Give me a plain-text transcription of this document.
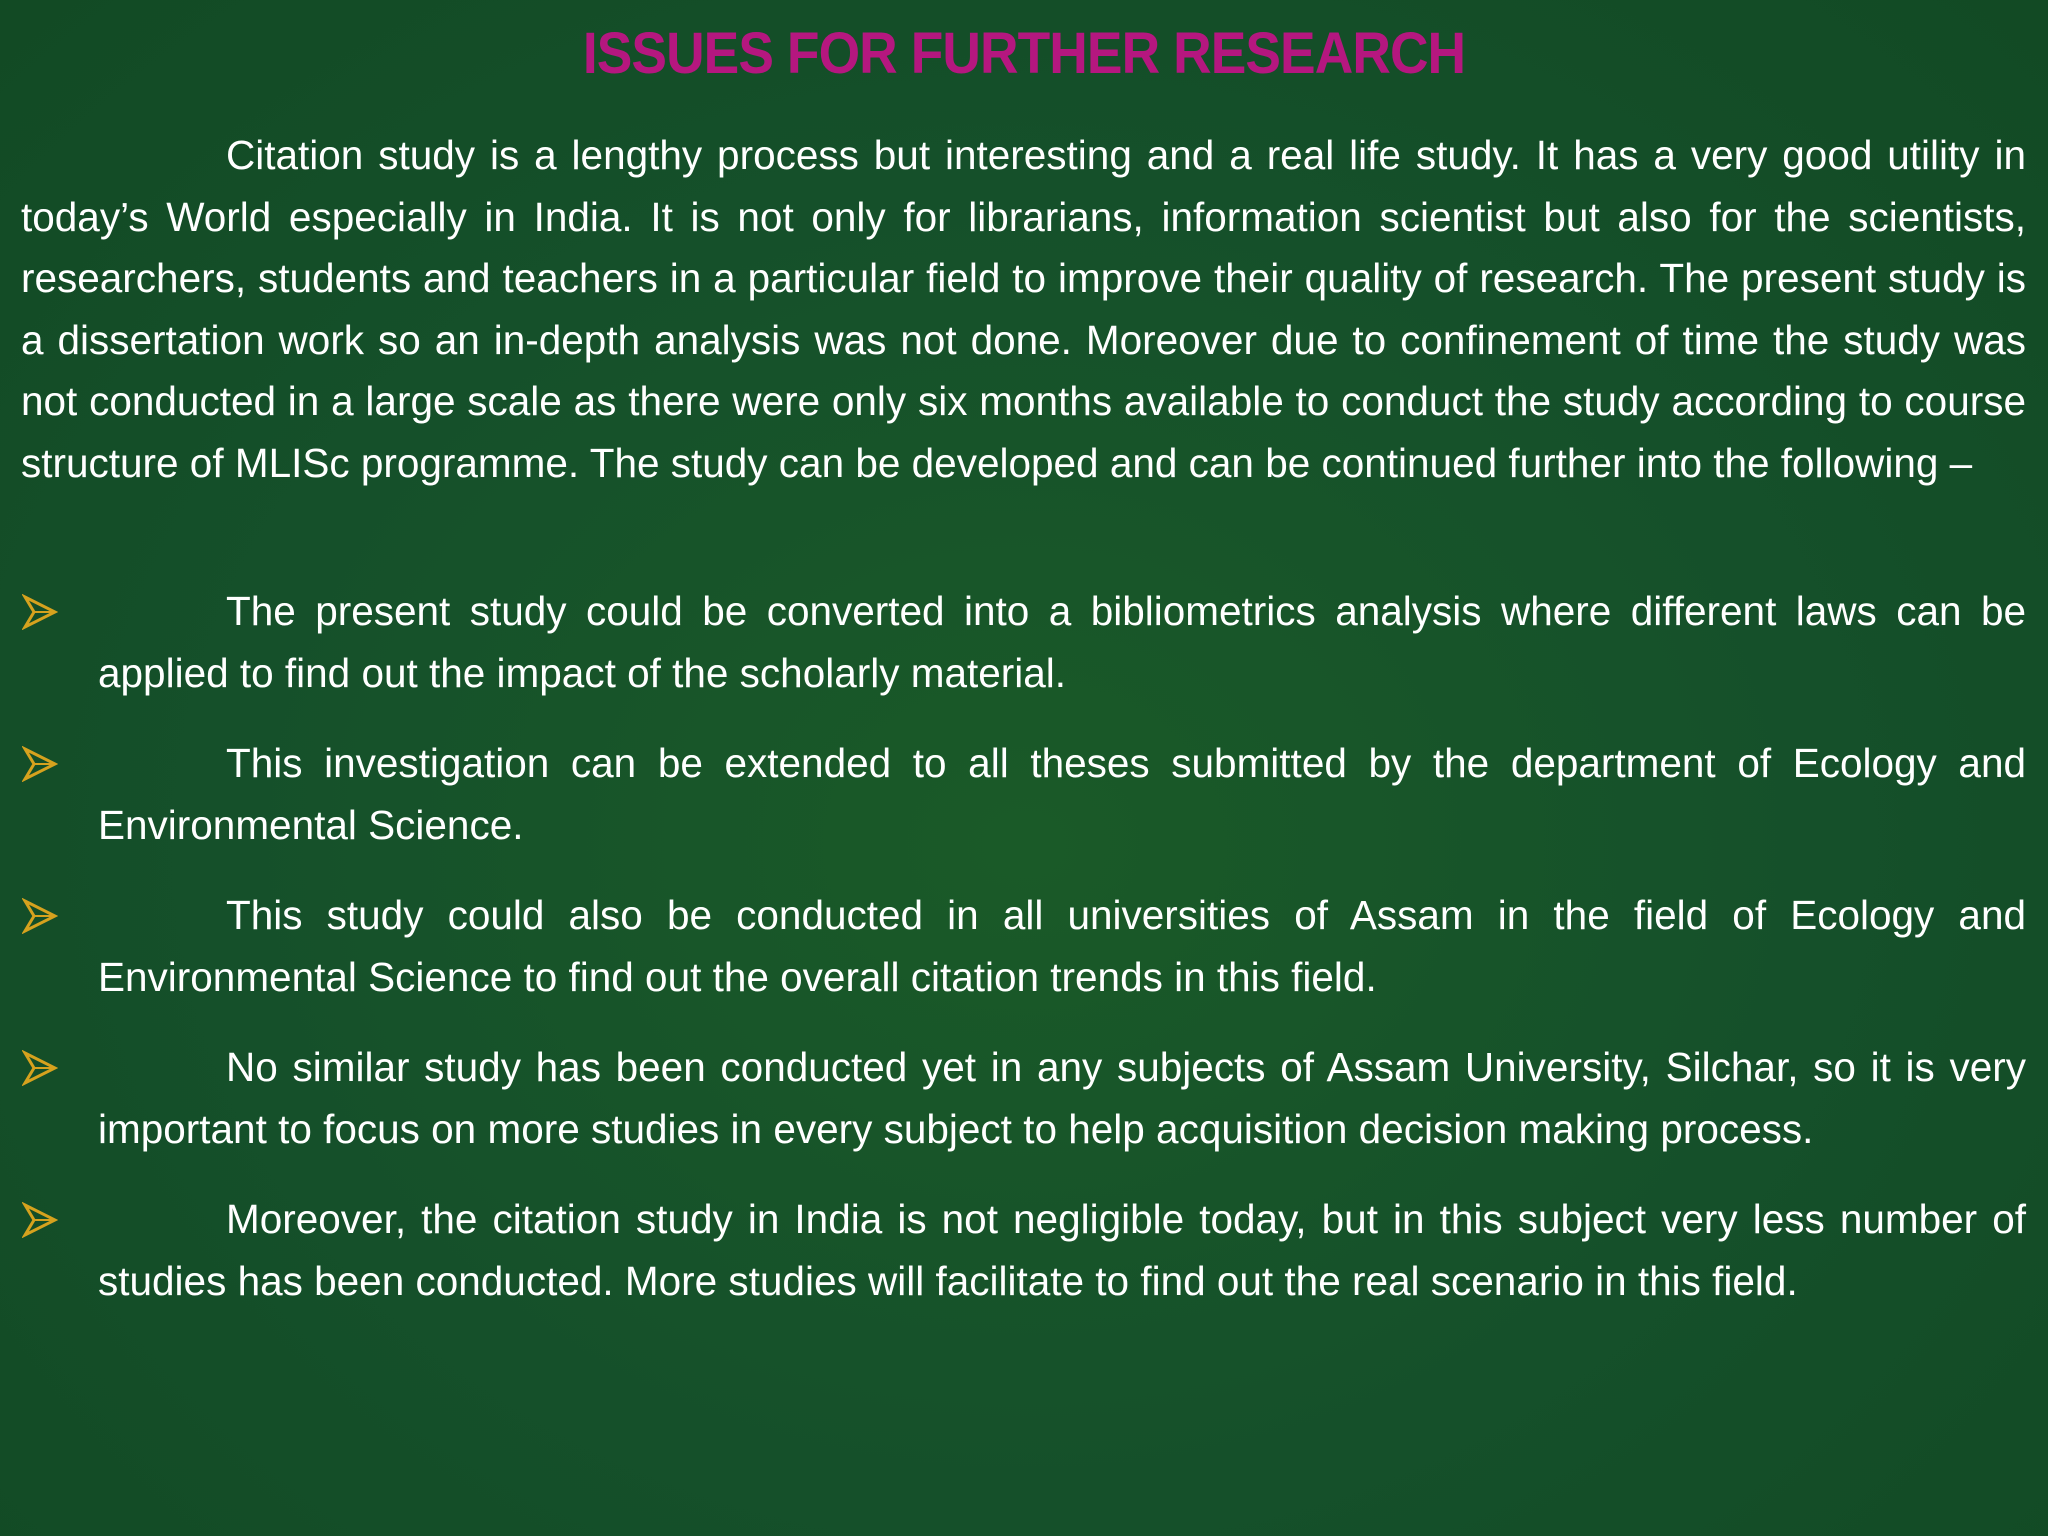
ISSUES FOR FURTHER RESEARCH

Citation study is a lengthy process but interesting and a real life study. It has a very good utility in today’s World especially in India. It is not only for librarians, information scientist but also for the scientists, researchers, students and teachers in a particular field to improve their quality of research. The present study is a dissertation work so an in-depth analysis was not done. Moreover due to confinement of time the study was not conducted in a large scale as there were only six months available to conduct the study according to course structure of MLISc programme. The study can be developed and can be continued further into the following –

The present study could be converted into a bibliometrics analysis where different laws can be applied to find out the impact of the scholarly material.

This investigation can be extended to all theses submitted by the department of Ecology and Environmental Science.

This study could also be conducted in all universities of Assam in the field of Ecology and Environmental Science to find out the overall citation trends in this field.

No similar study has been conducted yet in any subjects of Assam University, Silchar, so it is very important to focus on more studies in every subject to help acquisition decision making process.

Moreover, the citation study in India is not negligible today, but in this subject very less number of studies has been conducted. More studies will facilitate to find out the real scenario in this field.
